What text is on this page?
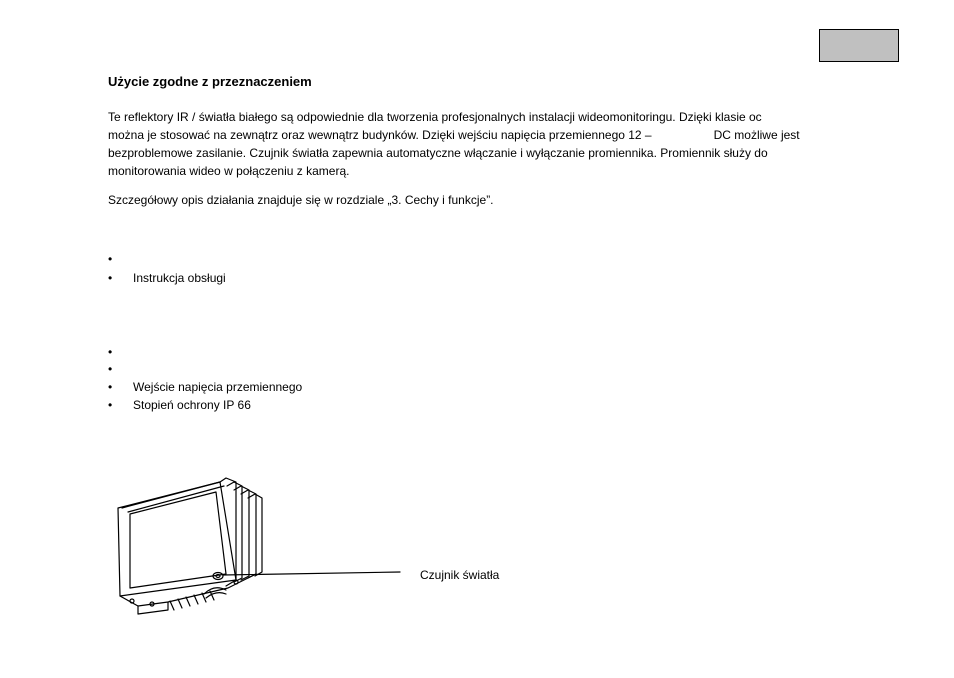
Użycie zgodne z przeznaczeniem
Te reflektory IR / światła białego są odpowiednie dla tworzenia profesjonalnych instalacji wideomonitoringu. Dzięki klasie oc
można je stosować na zewnątrz oraz wewnątrz budynków. Dzięki wejściu napięcia przemiennego 12 –	DC możliwe jest
bezproblemowe zasilanie. Czujnik światła zapewnia automatyczne włączanie i wyłączanie promiennika. Promiennik służy do
monitorowania wideo w połączeniu z kamerą.
Szczegółowy opis działania znajduje się w rozdziale „3. Cechy i funkcje”.
•
• Instrukcja obsługi
•
•
• Wejście napięcia przemiennego
• Stopień ochrony IP 66
Czujnik światła
